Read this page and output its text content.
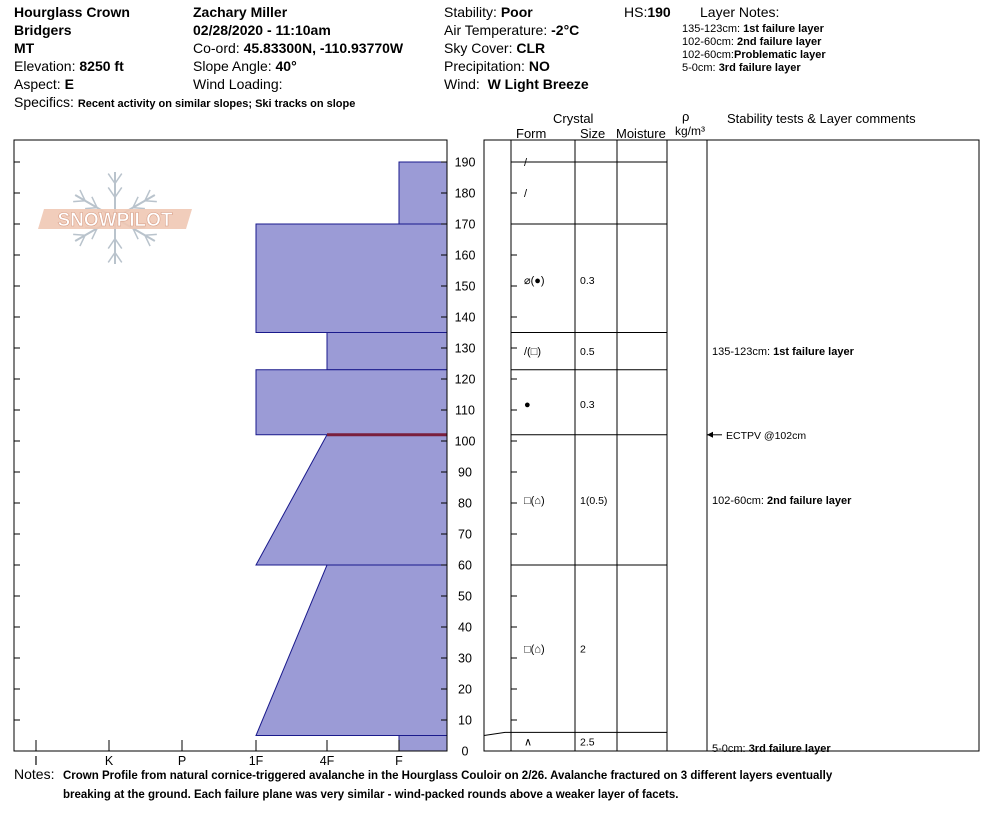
Hourglass Crown
Bridgers
MT
Elevation: 8250 ft
Aspect: E
Specifics: Recent activity on similar slopes; Ski tracks on slope
Zachary Miller
02/28/2020 - 11:10am
Co-ord: 45.83300N, -110.93770W
Slope Angle: 40°
Wind Loading:
Stability: Poor
Air Temperature: -2°C
Sky Cover: CLR
Precipitation: NO
Wind: W Light Breeze
HS:190 Layer Notes:
135-123cm: 1st failure layer
102-60cm: 2nd failure layer
102-60cm:Problematic layer
5-0cm: 3rd failure layer
Crystal
Form	Size Moisture
ρ
kg/m³
Stability tests & Layer comments
SNOWPILOT
0
10
20
30
40
50
60
70
80
90
100
110
120
130
140
150
160
170
180
190
I	K	P	1F	4F	F
/
/
⌀(●)	0.3
/(□)	0.5
●	0.3
□(⌂)	1(0.5)
□(⌂)	2
∧	2.5
ECTPV @102cm
135-123cm: 1st failure layer
102-60cm: 2nd failure layer
5-0cm: 3rd failure layer
Notes: Crown Profile from natural cornice-triggered avalanche in the Hourglass Couloir on 2/26. Avalanche fractured on 3 different layers eventually
breaking at the ground. Each failure plane was very similar - wind-packed rounds above a weaker layer of facets.
